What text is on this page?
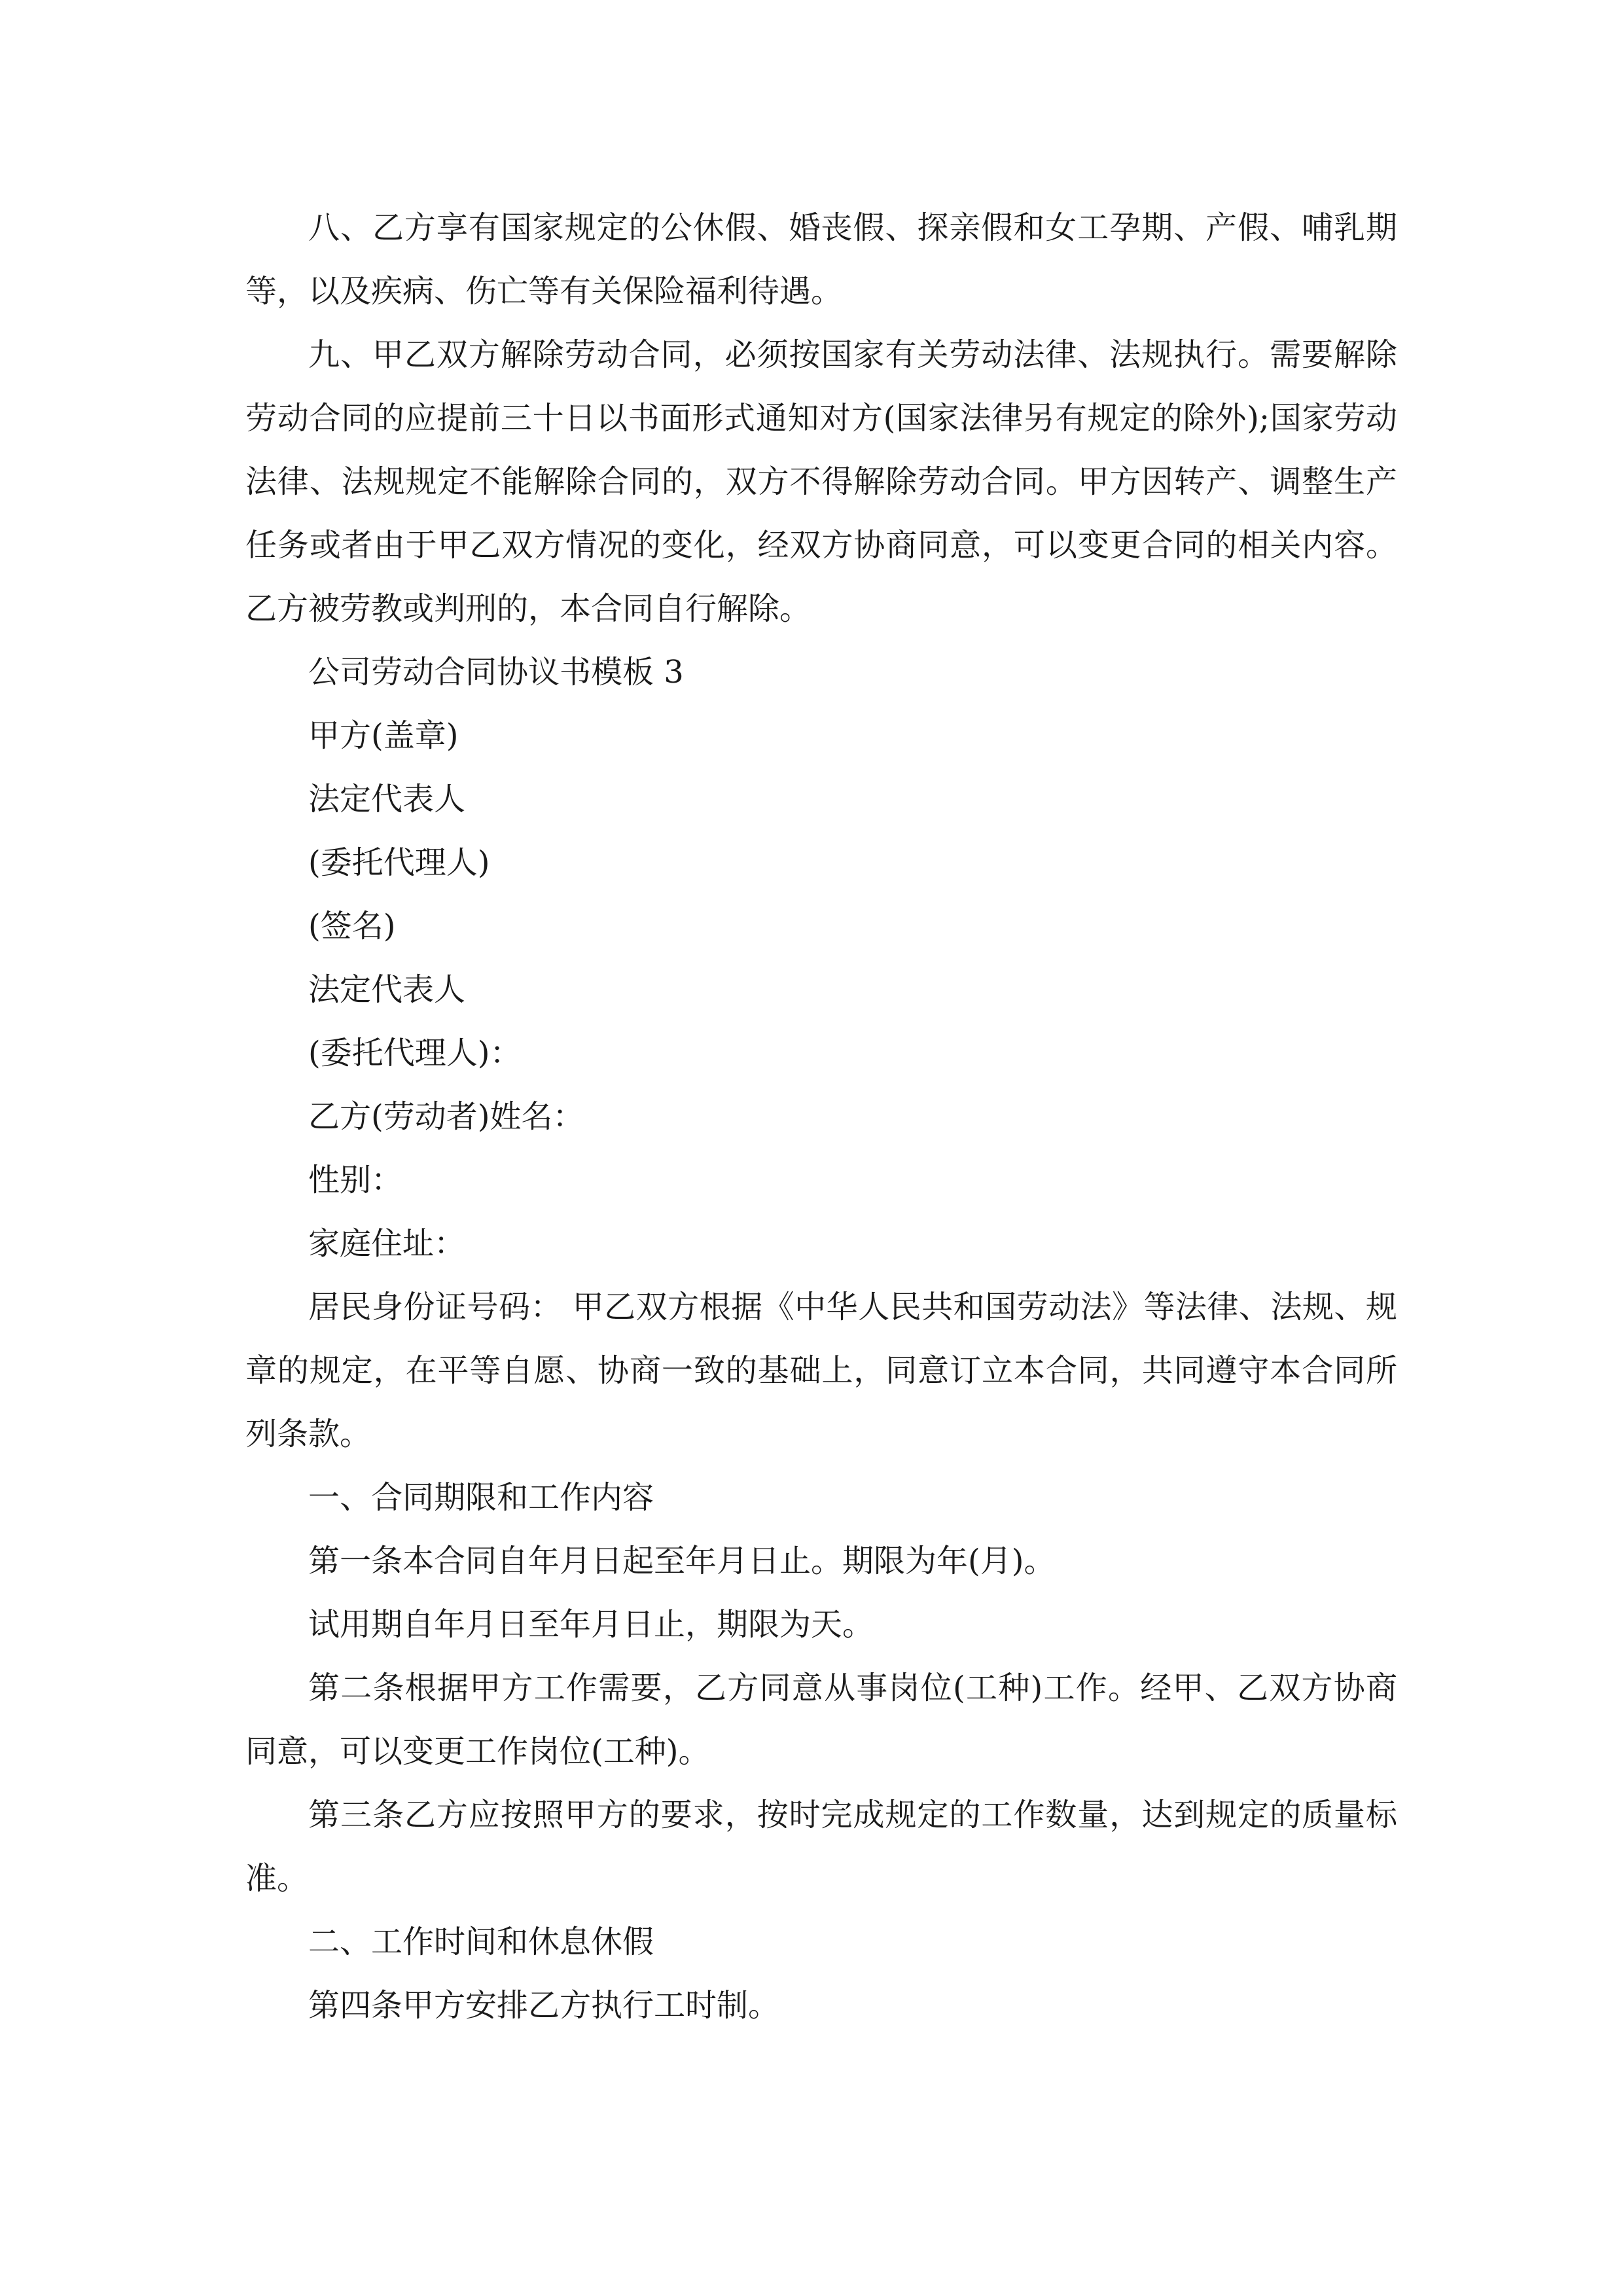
八、乙方享有国家规定的公休假、婚丧假、探亲假和女工孕期、产假、哺乳期等，以及疾病、伤亡等有关保险福利待遇。

九、甲乙双方解除劳动合同，必须按国家有关劳动法律、法规执行。需要解除劳动合同的应提前三十日以书面形式通知对方(国家法律另有规定的除外);国家劳动法律、法规规定不能解除合同的，双方不得解除劳动合同。甲方因转产、调整生产任务或者由于甲乙双方情况的变化，经双方协商同意，可以变更合同的相关内容。乙方被劳教或判刑的，本合同自行解除。

公司劳动合同协议书模板 3

甲方(盖章)

法定代表人

(委托代理人)

(签名)

法定代表人

(委托代理人)：

乙方(劳动者)姓名：

性别：

家庭住址：

居民身份证号码： 甲乙双方根据《中华人民共和国劳动法》等法律、法规、规章的规定，在平等自愿、协商一致的基础上，同意订立本合同，共同遵守本合同所列条款。

一、合同期限和工作内容

第一条本合同自年月日起至年月日止。期限为年(月)。

试用期自年月日至年月日止，期限为天。

第二条根据甲方工作需要，乙方同意从事岗位(工种)工作。经甲、乙双方协商同意，可以变更工作岗位(工种)。

第三条乙方应按照甲方的要求，按时完成规定的工作数量，达到规定的质量标准。

二、工作时间和休息休假

第四条甲方安排乙方执行工时制。
